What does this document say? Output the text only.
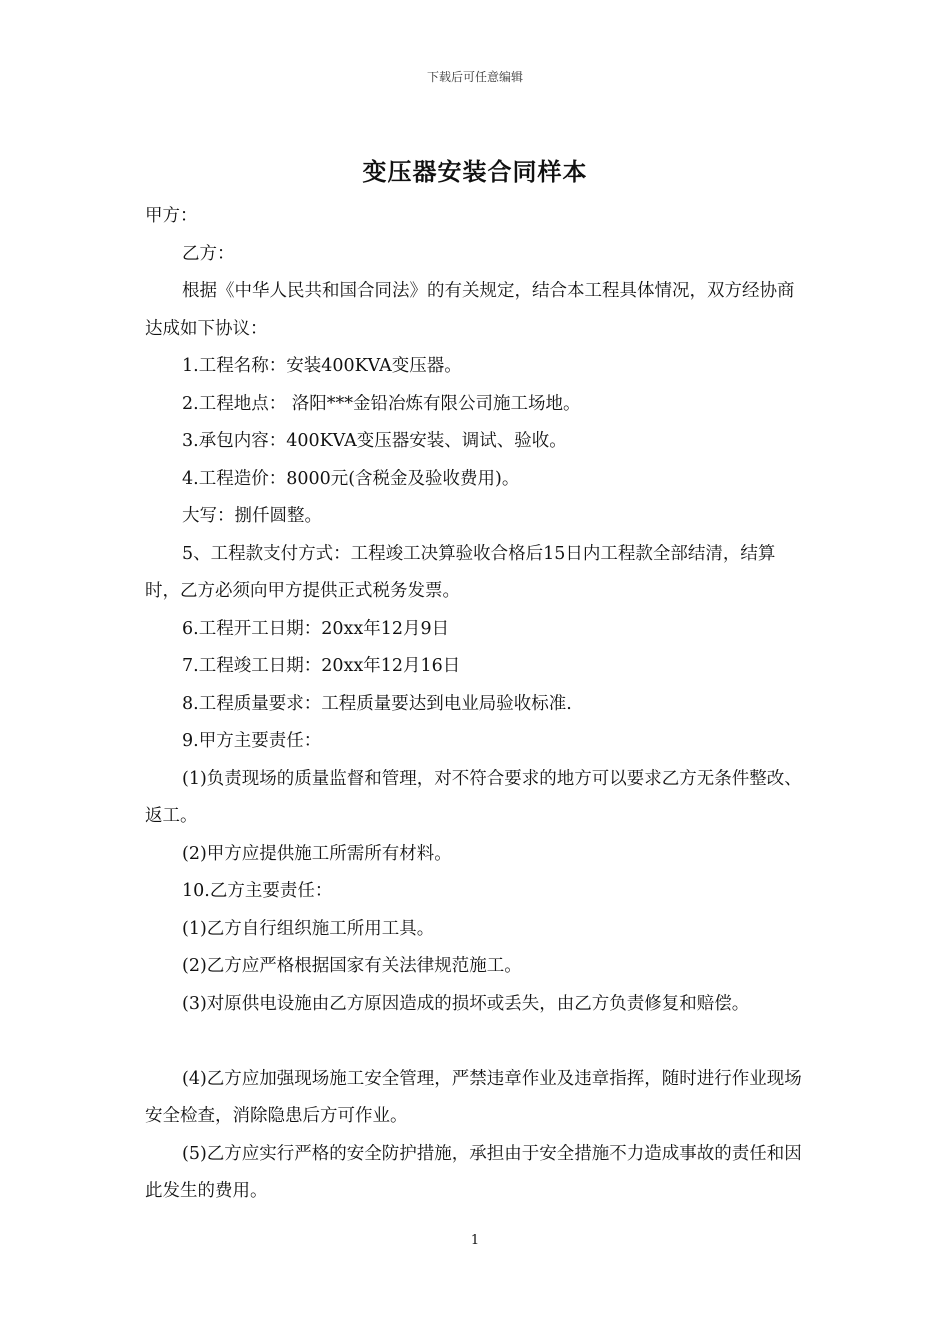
下载后可任意编辑
变压器安装合同样本

甲方：

乙方：

根据《中华人民共和国合同法》的有关规定，结合本工程具体情况，双方经协商达成如下协议：

1.工程名称：安装400KVA变压器。

2.工程地点： 洛阳***金铅冶炼有限公司施工场地。

3.承包内容：400KVA变压器安装、调试、验收。

4.工程造价：8000元(含税金及验收费用)。

大写：捌仟圆整。

5、工程款支付方式：工程竣工决算验收合格后15日内工程款全部结清，结算时，乙方必须向甲方提供正式税务发票。

6.工程开工日期：20xx年12月9日

7.工程竣工日期：20xx年12月16日

8.工程质量要求：工程质量要达到电业局验收标准.

9.甲方主要责任：

(1)负责现场的质量监督和管理，对不符合要求的地方可以要求乙方无条件整改、返工。

(2)甲方应提供施工所需所有材料。

10.乙方主要责任：

(1)乙方自行组织施工所用工具。

(2)乙方应严格根据国家有关法律规范施工。

(3)对原供电设施由乙方原因造成的损坏或丢失，由乙方负责修复和赔偿。

(4)乙方应加强现场施工安全管理，严禁违章作业及违章指挥，随时进行作业现场安全检查，消除隐患后方可作业。

(5)乙方应实行严格的安全防护措施，承担由于安全措施不力造成事故的责任和因此发生的费用。

1
